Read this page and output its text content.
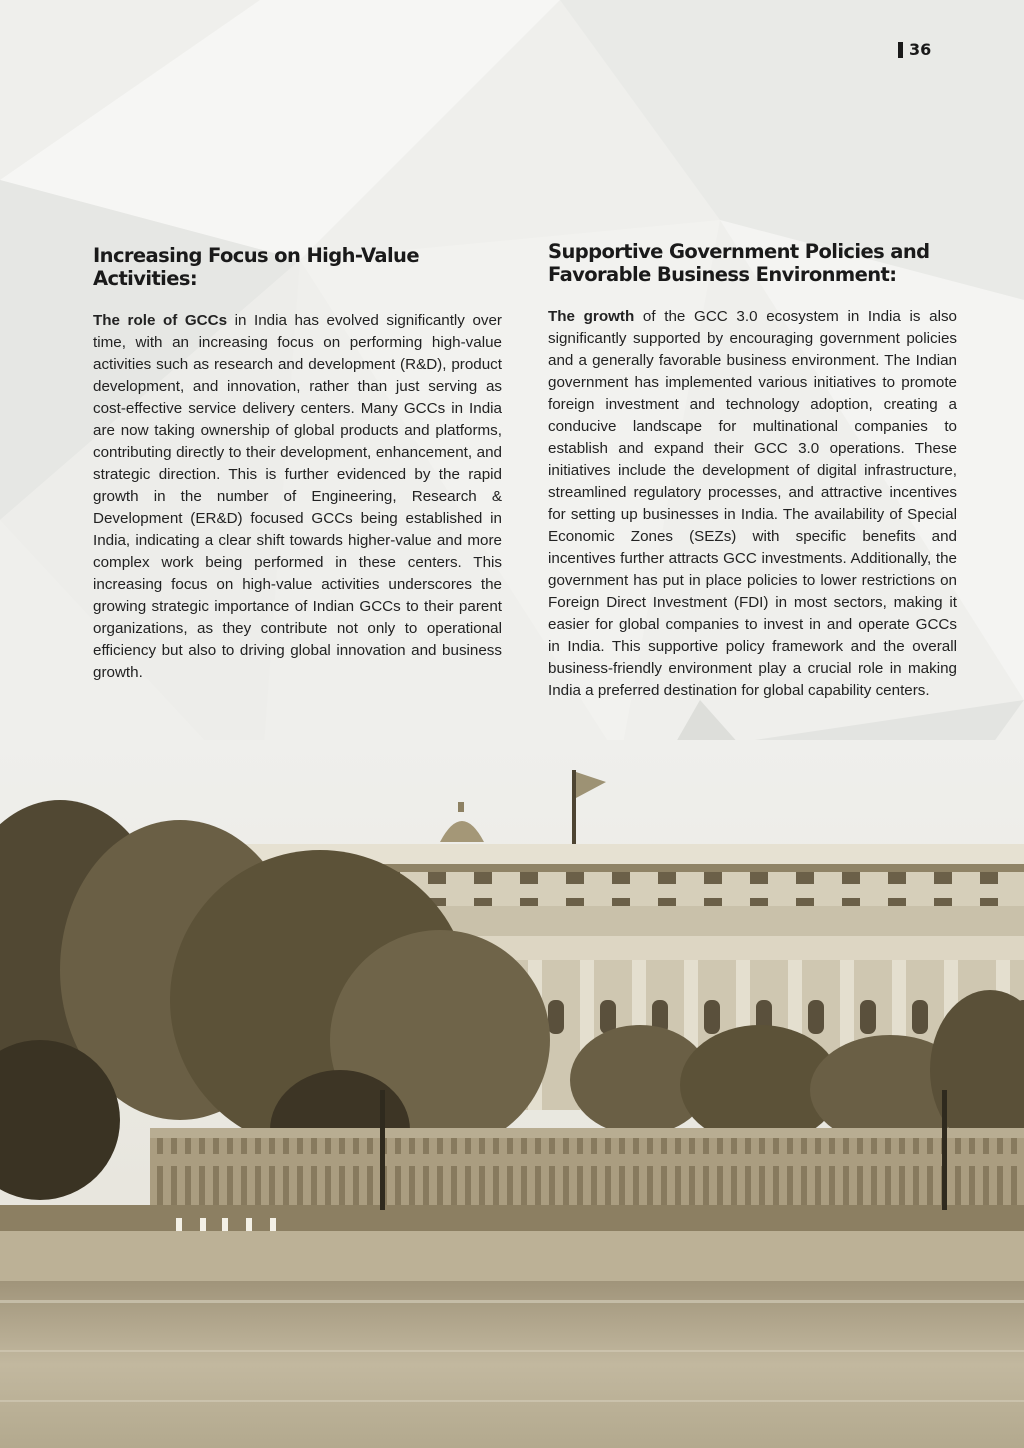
36
Increasing Focus on High-Value Activities:

The role of GCCs in India has evolved significantly over time, with an increasing focus on performing high-value activities such as research and development (R&D), product development, and innovation, rather than just serving as cost-effective service delivery centers. Many GCCs in India are now taking ownership of global products and platforms, contributing directly to their development, enhancement, and strategic direction. This is further evidenced by the rapid growth in the number of Engineering, Research & Development (ER&D) focused GCCs being established in India, indicating a clear shift towards higher-value and more complex work being performed in these centers. This increasing focus on high-value activities underscores the growing strategic importance of Indian GCCs to their parent organizations, as they contribute not only to operational efficiency but also to driving global innovation and business growth.

Supportive Government Policies and Favorable Business Environment:

The growth of the GCC 3.0 ecosystem in India is also significantly supported by encouraging government policies and a generally favorable business environment. The Indian government has implemented various initiatives to promote foreign investment and technology adoption, creating a conducive landscape for multinational companies to establish and expand their GCC 3.0 operations. These initiatives include the development of digital infrastructure, streamlined regulatory processes, and attractive incentives for setting up businesses in India. The availability of Special Economic Zones (SEZs) with specific benefits and incentives further attracts GCC investments. Additionally, the government has put in place policies to lower restrictions on Foreign Direct Investment (FDI) in most sectors, making it easier for global companies to invest in and operate GCCs in India. This supportive policy framework and the overall business-friendly environment play a crucial role in making India a preferred destination for global capability centers.
